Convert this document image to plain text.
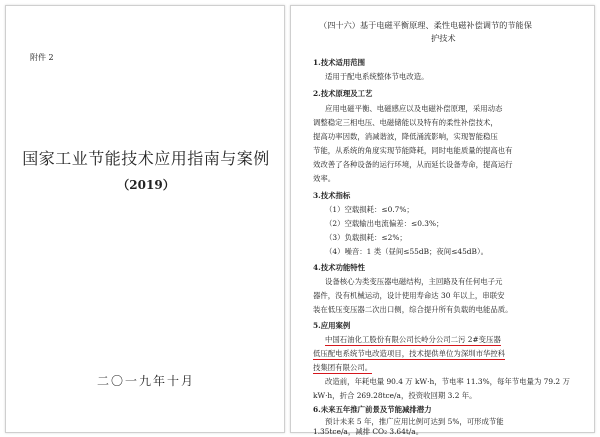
附件 2
国家工业节能技术应用指南与案例
（2019）
二〇一九年十月
（四十六）基于电磁平衡原理、柔性电磁补偿调节的节能保
护技术
1.技术适用范围
适用于配电系统整体节电改造。
2.技术原理及工艺
应用电磁平衡、电磁感应以及电磁补偿原理，采用动态
调整稳定三相电压、电磁储能以及特有的柔性补偿技术，
提高功率因数，消减谐波，降低涌流影响，实现智能稳压
节能，从系统的角度实现节能降耗，同时电能质量的提高也有
效改善了各种设备的运行环境，从而延长设备寿命，提高运行
效率。
3.技术指标
（1）空载损耗：≤0.7%；
（2）空载输出电流偏差：≤0.3%；
（3）负载损耗：≤2%；
（4）噪音：1 类（昼间≤55dB；夜间≤45dB）。
4.技术功能特性
设备核心为类变压器电磁结构，主回路及有任何电子元
器件，没有机械运动，设计使用寿命达 30 年以上，串联安
装在低压变压器二次出口侧，综合提升所有负载的电能品质。
5.应用案例
中国石油化工股份有限公司长岭分公司二污 2#变压器
低压配电系统节电改造项目，技术提供单位为深圳市华控科
技集团有限公司。
改造前，年耗电量 90.4 万 kW·h，节电率 11.3%，每年节电量为 79.2 万
kW·h，折合 269.28tce/a，投资收回期 3.2 年。
6.未来五年推广前景及节能减排潜力
预计未来 5 年，推广应用比例可达到 5%，可形成节能
1.35tce/a，减排 CO₂ 3.64t/a。
